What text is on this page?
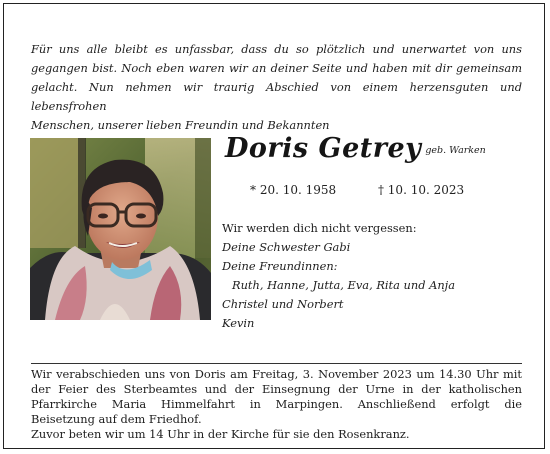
Für uns alle bleibt es unfassbar, dass du so plötzlich und unerwartet von uns
gegangen bist. Noch eben waren wir an deiner Seite und haben mit dir gemeinsam
gelacht. Nun nehmen wir traurig Abschied von einem herzensguten und lebensfrohen
Menschen, unserer lieben Freundin und Bekannten
Doris Getrey $^{geb. Warken}$
* 20. 10. 1958	† 10. 10. 2023
Wir werden dich nicht vergessen:
Deine Schwester Gabi
Deine Freundinnen:
Ruth, Hanne, Jutta, Eva, Rita und Anja
Christel und Norbert
Kevin
Wir verabschieden uns von Doris am Freitag, 3. November 2023 um 14.30 Uhr mit
der Feier des Sterbeamtes und der Einsegnung der Urne in der katholischen
Pfarrkirche Maria Himmelfahrt in Marpingen. Anschließend erfolgt die
Beisetzung auf dem Friedhof.
Zuvor beten wir um 14 Uhr in der Kirche für sie den Rosenkranz.
